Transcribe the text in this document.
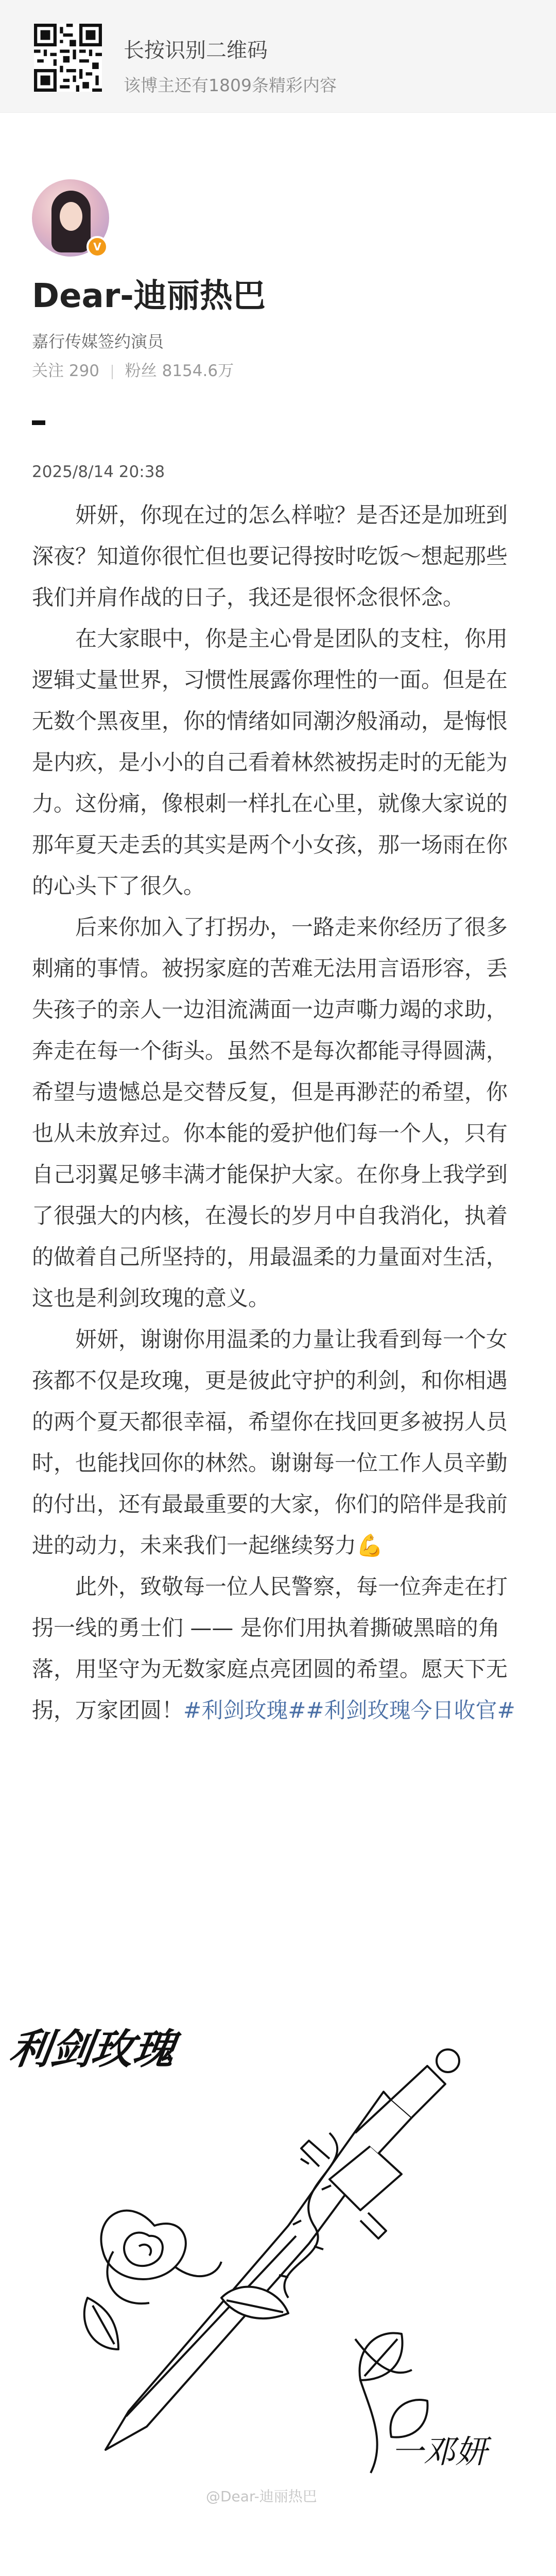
长按识别二维码
该博主还有1809条精彩内容
V
Dear-迪丽热巴
嘉行传媒签约演员
关注 290 粉丝 8154.6万
2025/8/14 20:38

妍妍，你现在过的怎么样啦？是否还是加班到深夜？知道你很忙但也要记得按时吃饭～想起那些我们并肩作战的日子，我还是很怀念很怀念。

在大家眼中，你是主心骨是团队的支柱，你用逻辑丈量世界，习惯性展露你理性的一面。但是在无数个黑夜里，你的情绪如同潮汐般涌动，是悔恨是内疚，是小小的自己看着林然被拐走时的无能为力。这份痛，像根刺一样扎在心里，就像大家说的那年夏天走丢的其实是两个小女孩，那一场雨在你的心头下了很久。

后来你加入了打拐办，一路走来你经历了很多刺痛的事情。被拐家庭的苦难无法用言语形容，丢失孩子的亲人一边泪流满面一边声嘶力竭的求助，奔走在每一个街头。虽然不是每次都能寻得圆满，希望与遗憾总是交替反复，但是再渺茫的希望，你也从未放弃过。你本能的爱护他们每一个人，只有自己羽翼足够丰满才能保护大家。在你身上我学到了很强大的内核，在漫长的岁月中自我消化，执着的做着自己所坚持的，用最温柔的力量面对生活，这也是利剑玫瑰的意义。

妍妍，谢谢你用温柔的力量让我看到每一个女孩都不仅是玫瑰，更是彼此守护的利剑，和你相遇的两个夏天都很幸福，希望你在找回更多被拐人员时，也能找回你的林然。谢谢每一位工作人员辛勤的付出，还有最最重要的大家，你们的陪伴是我前进的动力，未来我们一起继续努力💪

此外，致敬每一位人民警察，每一位奔走在打拐一线的勇士们 —— 是你们用执着撕破黑暗的角落，用坚守为无数家庭点亮团圆的希望。愿天下无拐，万家团圆！#利剑玫瑰##利剑玫瑰今日收官#

利剑玫瑰
一邓妍
@Dear-迪丽热巴
